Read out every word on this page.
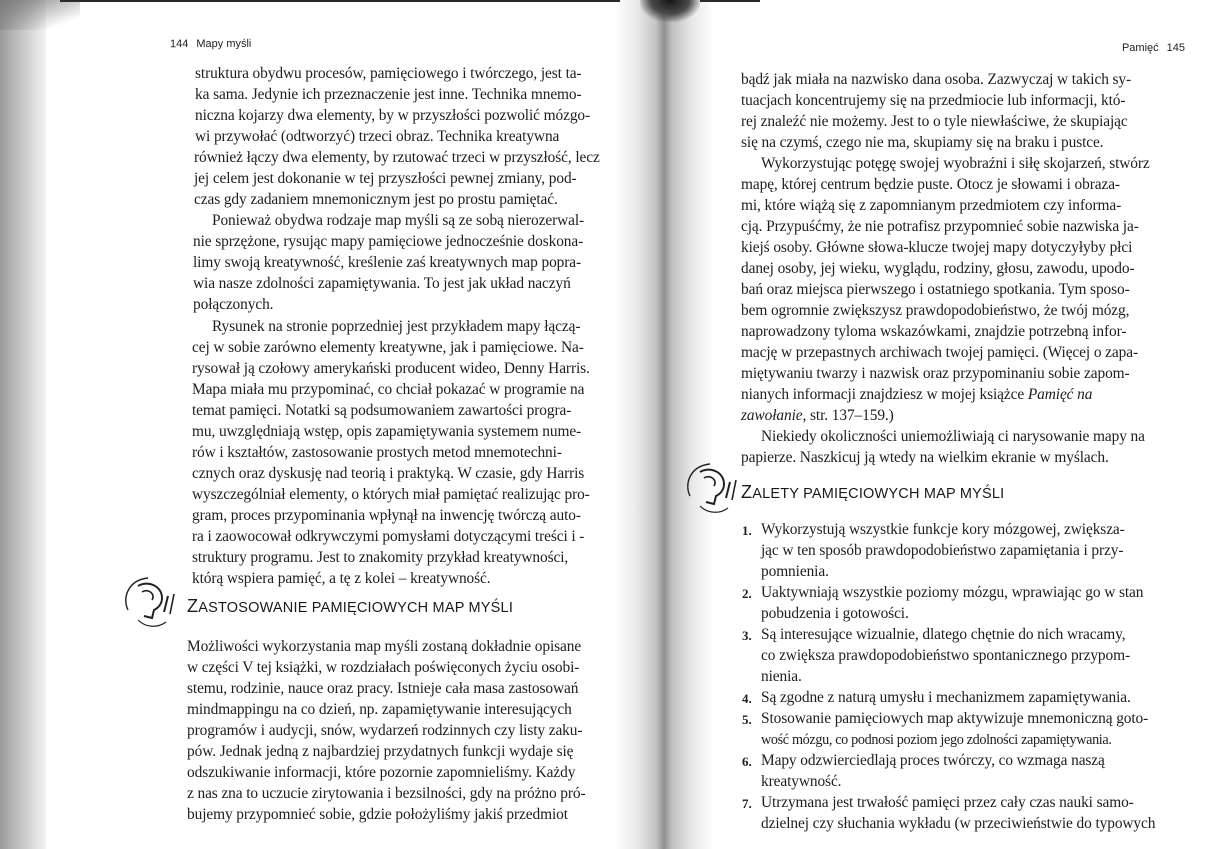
144 Mapy myśli
struktura obydwu procesów, pamięciowego i twórczego, jest ta-
ka sama. Jedynie ich przeznaczenie jest inne. Technika mnemo-
niczna kojarzy dwa elementy, by w przyszłości pozwolić mózgo-
wi przywołać (odtworzyć) trzeci obraz. Technika kreatywna
również łączy dwa elementy, by rzutować trzeci w przyszłość, lecz
jej celem jest dokonanie w tej przyszłości pewnej zmiany, pod-
czas gdy zadaniem mnemonicznym jest po prostu pamiętać.
Ponieważ obydwa rodzaje map myśli są ze sobą nierozerwal-
nie sprzężone, rysując mapy pamięciowe jednocześnie doskona-
limy swoją kreatywność, kreślenie zaś kreatywnych map popra-
wia nasze zdolności zapamiętywania. To jest jak układ naczyń
połączonych.
Rysunek na stronie poprzedniej jest przykładem mapy łączą-
cej w sobie zarówno elementy kreatywne, jak i pamięciowe. Na-
rysował ją czołowy amerykański producent wideo, Denny Harris.
Mapa miała mu przypominać, co chciał pokazać w programie na
temat pamięci. Notatki są podsumowaniem zawartości progra-
mu, uwzględniają wstęp, opis zapamiętywania systemem nume-
rów i kształtów, zastosowanie prostych metod mnemotechni-
cznych oraz dyskusję nad teorią i praktyką. W czasie, gdy Harris
wyszczególniał elementy, o których miał pamiętać realizując pro-
gram, proces przypominania wpłynął na inwencję twórczą auto-
ra i zaowocował odkrywczymi pomysłami dotyczącymi treści i -
struktury programu. Jest to znakomity przykład kreatywności,
którą wspiera pamięć, a tę z kolei – kreatywność.
ZASTOSOWANIE PAMIĘCIOWYCH MAP MYŚLI
Możliwości wykorzystania map myśli zostaną dokładnie opisane
w części V tej książki, w rozdziałach poświęconych życiu osobi-
stemu, rodzinie, nauce oraz pracy. Istnieje cała masa zastosowań
mindmappingu na co dzień, np. zapamiętywanie interesujących
programów i audycji, snów, wydarzeń rodzinnych czy listy zaku-
pów. Jednak jedną z najbardziej przydatnych funkcji wydaje się
odszukiwanie informacji, które pozornie zapomnieliśmy. Każdy
z nas zna to uczucie zirytowania i bezsilności, gdy na próżno pró-
bujemy przypomnieć sobie, gdzie położyliśmy jakiś przedmiot
Pamięć 145
bądź jak miała na nazwisko dana osoba. Zazwyczaj w takich sy-
tuacjach koncentrujemy się na przedmiocie lub informacji, któ-
rej znaleźć nie możemy. Jest to o tyle niewłaściwe, że skupiając
się na czymś, czego nie ma, skupiamy się na braku i pustce.
Wykorzystując potęgę swojej wyobraźni i siłę skojarzeń, stwórz
mapę, której centrum będzie puste. Otocz je słowami i obraza-
mi, które wiążą się z zapomnianym przedmiotem czy informa-
cją. Przypuśćmy, że nie potrafisz przypomnieć sobie nazwiska ja-
kiejś osoby. Główne słowa-klucze twojej mapy dotyczyłyby płci
danej osoby, jej wieku, wyglądu, rodziny, głosu, zawodu, upodo-
bań oraz miejsca pierwszego i ostatniego spotkania. Tym sposo-
bem ogromnie zwiększysz prawdopodobieństwo, że twój mózg,
naprowadzony tyloma wskazówkami, znajdzie potrzebną infor-
mację w przepastnych archiwach twojej pamięci. (Więcej o zapa-
miętywaniu twarzy i nazwisk oraz przypominaniu sobie zapom-
nianych informacji znajdziesz w mojej książce Pamięć na
zawołanie, str. 137–159.)
Niekiedy okoliczności uniemożliwiają ci narysowanie mapy na
papierze. Naszkicuj ją wtedy na wielkim ekranie w myślach.
ZALETY PAMIĘCIOWYCH MAP MYŚLI
1. Wykorzystują wszystkie funkcje kory mózgowej, zwiększa-
jąc w ten sposób prawdopodobieństwo zapamiętania i przy-
pomnienia.
2. Uaktywniają wszystkie poziomy mózgu, wprawiając go w stan
pobudzenia i gotowości.
3. Są interesujące wizualnie, dlatego chętnie do nich wracamy,
co zwiększa prawdopodobieństwo spontanicznego przypom-
nienia.
4. Są zgodne z naturą umysłu i mechanizmem zapamiętywania.
5. Stosowanie pamięciowych map aktywizuje mnemoniczną goto-
wość mózgu, co podnosi poziom jego zdolności zapamiętywania.
6. Mapy odzwierciedlają proces twórczy, co wzmaga naszą
kreatywność.
7. Utrzymana jest trwałość pamięci przez cały czas nauki samo-
dzielnej czy słuchania wykładu (w przeciwieństwie do typowych
